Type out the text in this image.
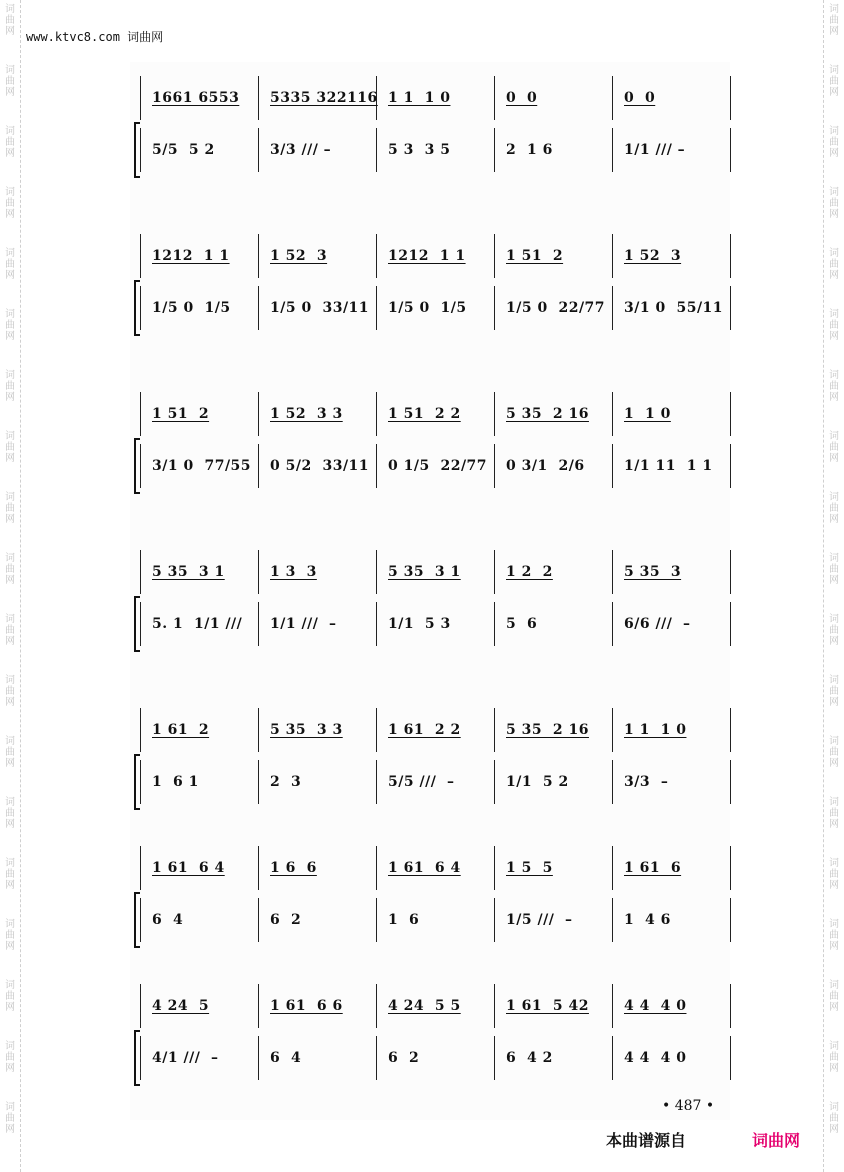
www.ktvc8.com 词曲网
1661 6553 5335 322116 1 1  1 0	0  0	0  0
5/5  5 2	3/3 /// –	5 3  3 5	2  1 6	1/1 /// –
1212  1 1	1 52  3	1212  1 1	1 51  2	1 52  3
1/5 0  1/5	1/5 0  33/11 1/5 0  1/5	1/5 0  22/77 3/1 0  55/11
1 51  2	1 52  3 3	1 51  2 2	5 35  2 16	1  1 0
3/1 0  77/55 0 5/2  33/11 0 1/5  22/77 0 3/1  2/6	1/1 11  1 1
5 35  3 1	1 3  3	5 35  3 1	1 2  2	5 35  3
5. 1  1/1 /// 1/1 ///  –	1/1  5 3	5  6	6/6 ///  –
1 61  2	5 35  3 3	1 61  2 2	5 35  2 16	1 1  1 0
1  6 1	2  3	5/5 ///  –	1/1  5 2	3/3  –
1 61  6 4	1 6  6	1 61  6 4	1 5  5	1 61  6
6  4	6  2	1  6	1/5 ///  –	1  4 6
4 24  5	1 61  6 6	4 24  5 5	1 61  5 42	4 4  4 0
4/1 ///  –	6  4	6  2	6  4 2	4 4  4 0
• 487 •
本曲谱源自	词曲网
词
曲
网
词
曲
网
词
曲
网
词
曲
网
词
曲
网
词
曲
网
词
曲
网
词
曲
网
词
曲
网
词
曲
网
词
曲
网
词
曲
网
词
曲
网
词
曲
网
词
曲
网
词
曲
网
词
曲
网
词
曲
网
词
曲
网
词
曲
网
词
曲
网
词
曲
网
词
曲
网
词
曲
网
词
曲
网
词
曲
网
词
曲
网
词
曲
网
词
曲
网
词
曲
网
词
曲
网
词
曲
网
词
曲
网
词
曲
网
词
曲
网
词
曲
网
词
曲
网
词
曲
网
